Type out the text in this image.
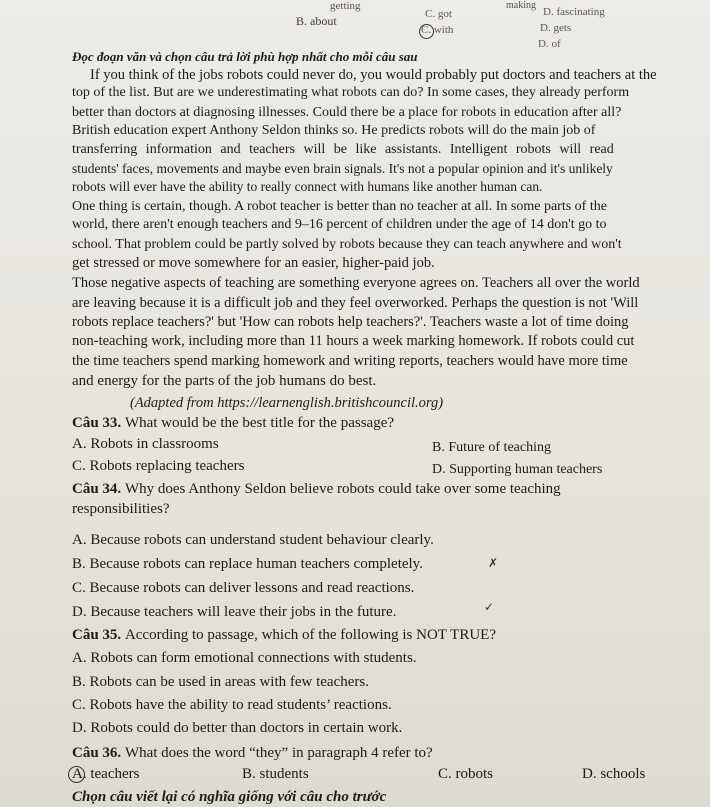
getting
B. about	C. got
C. with
making
D. fascinating
D. gets
D. of
Đọc đoạn văn và chọn câu trả lời phù hợp nhất cho mỗi câu sau
If you think of the jobs robots could never do, you would probably put doctors and teachers at the
top of the list. But are we underestimating what robots can do? In some cases, they already perform
better than doctors at diagnosing illnesses. Could there be a place for robots in education after all?
British education expert Anthony Seldon thinks so. He predicts robots will do the main job of
transferring information and teachers will be like assistants. Intelligent robots will read
students' faces, movements and maybe even brain signals. It's not a popular opinion and it's unlikely
robots will ever have the ability to really connect with humans like another human can.
One thing is certain, though. A robot teacher is better than no teacher at all. In some parts of the
world, there aren't enough teachers and 9–16 percent of children under the age of 14 don't go to
school. That problem could be partly solved by robots because they can teach anywhere and won't
get stressed or move somewhere for an easier, higher-paid job.
Those negative aspects of teaching are something everyone agrees on. Teachers all over the world
are leaving because it is a difficult job and they feel overworked. Perhaps the question is not 'Will
robots replace teachers?' but 'How can robots help teachers?'. Teachers waste a lot of time doing
non-teaching work, including more than 11 hours a week marking homework. If robots could cut
the time teachers spend marking homework and writing reports, teachers would have more time
and energy for the parts of the job humans do best.
(Adapted from https://learnenglish.britishcouncil.org)
Câu 33. What would be the best title for the passage?
A. Robots in classrooms	B. Future of teaching
C. Robots replacing teachers	D. Supporting human teachers
Câu 34. Why does Anthony Seldon believe robots could take over some teaching
responsibilities?
A. Because robots can understand student behaviour clearly.
B. Because robots can replace human teachers completely.	✗
C. Because robots can deliver lessons and read reactions.
D. Because teachers will leave their jobs in the future.	✓
Câu 35. According to passage, which of the following is NOT TRUE?
A. Robots can form emotional connections with students.
B. Robots can be used in areas with few teachers.
C. Robots have the ability to read students’ reactions.
D. Robots could do better than doctors in certain work.
Câu 36. What does the word “they” in paragraph 4 refer to?
A. teachers	B. students	C. robots	D. schools
Chọn câu viết lại có nghĩa giống với câu cho trước
